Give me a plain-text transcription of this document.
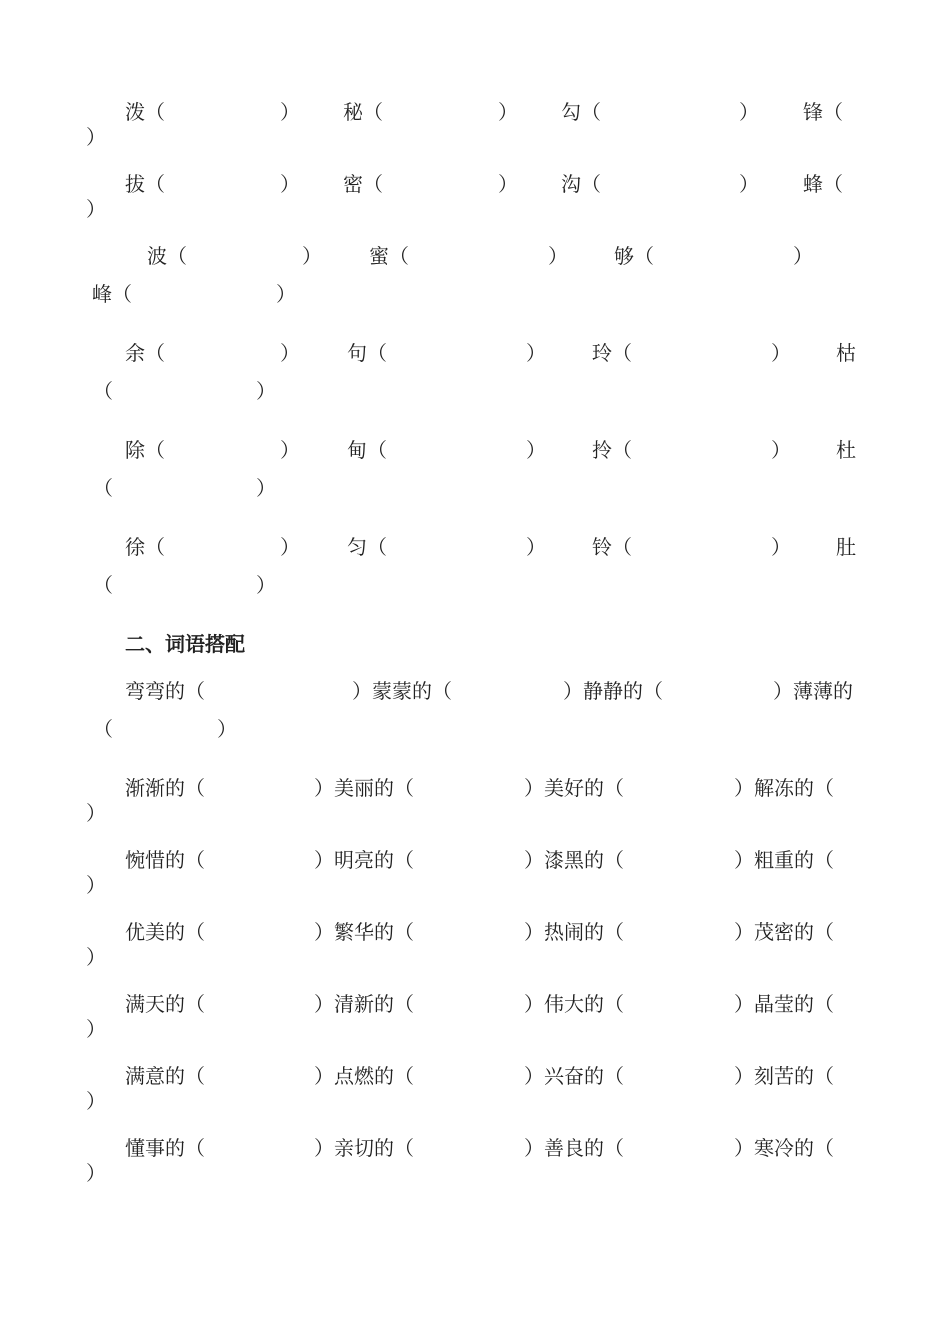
泼（	） 秘（	） 勾（	） 锋（
）
拔（	） 密（	） 沟（	） 蜂（
）
波（	） 蜜（	） 够（	）
峰（	）
余（	） 句（	） 玲（	） 枯
（	）
除（	） 甸（	） 拎（	） 杜
（	）
徐（	） 匀（	） 铃（	） 肚
（	）
二、词语搭配
弯弯的（	）蒙蒙的（	）静静的（	）薄薄的
（	）
渐渐的（	）美丽的（	）美好的（	）解冻的（
）
惋惜的（	）明亮的（	）漆黑的（	）粗重的（
）
优美的（	）繁华的（	）热闹的（	）茂密的（
）
满天的（	）清新的（	）伟大的（	）晶莹的（
）
满意的（	）点燃的（	）兴奋的（	）刻苦的（
）
懂事的（	）亲切的（	）善良的（	）寒冷的（
）
